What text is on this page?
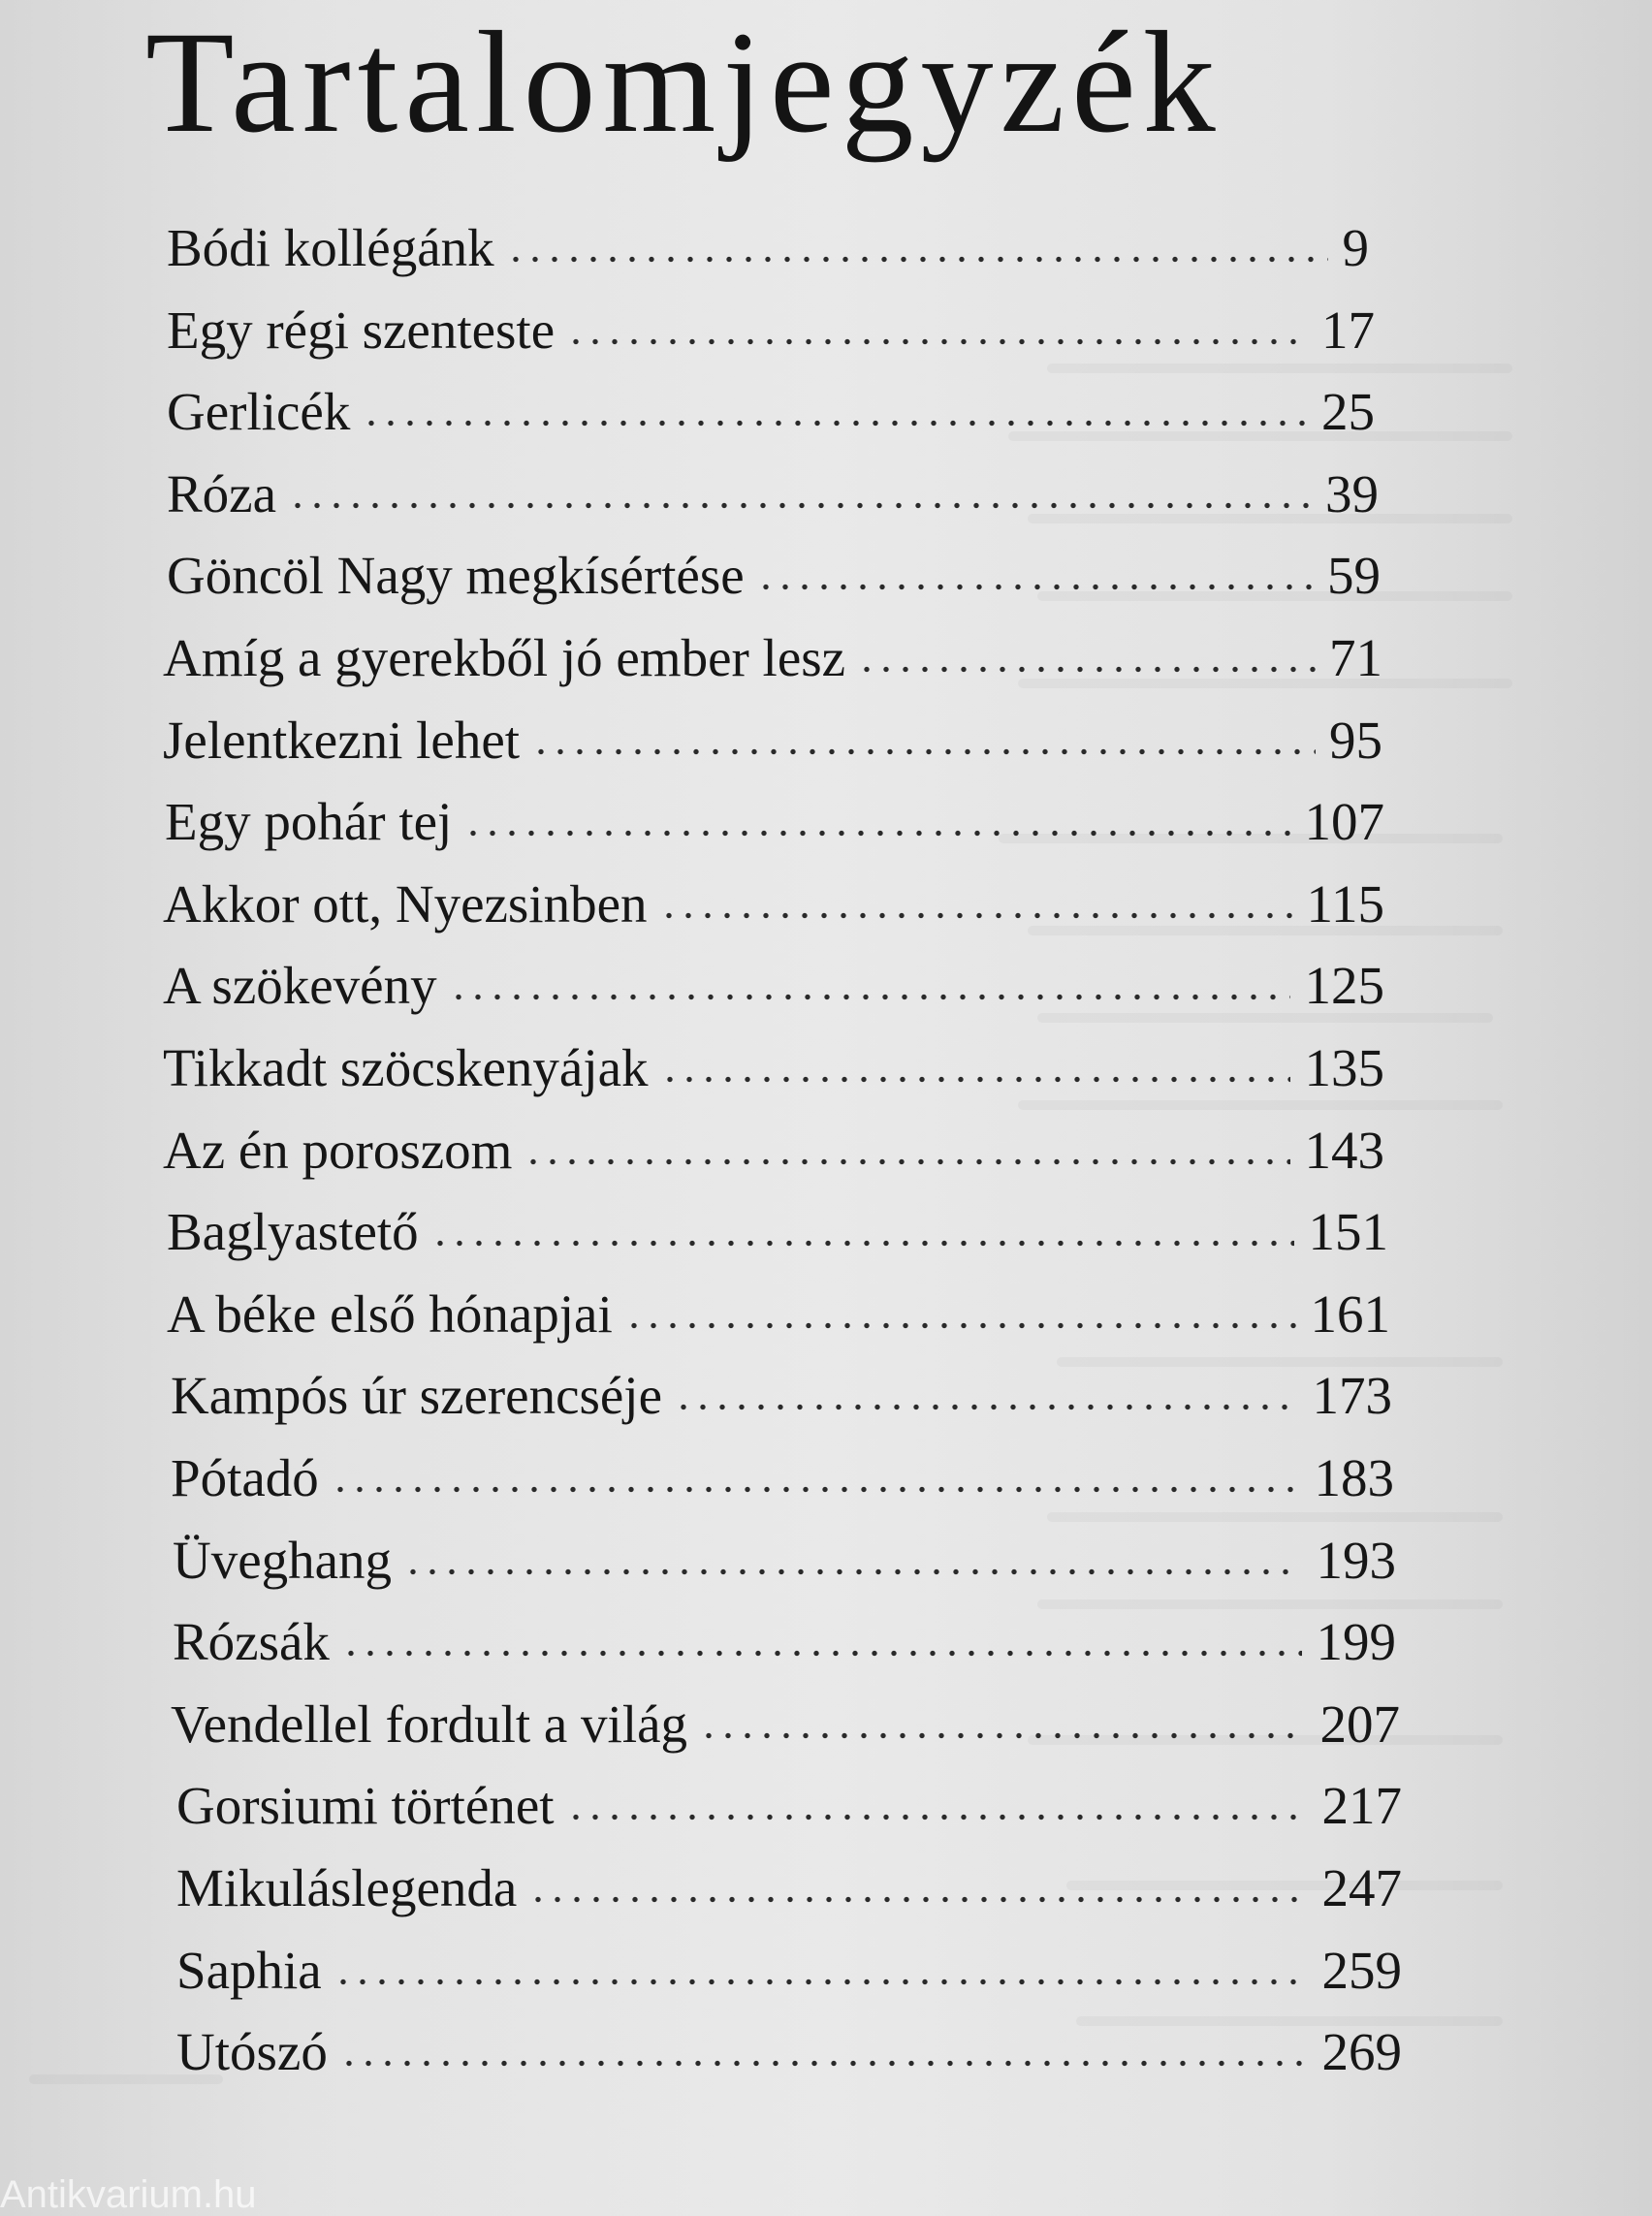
Tartalomjegyzék
Bódi kollégánk	9
Egy régi szenteste	17
Gerlicék	25
Róza	39
Göncöl Nagy megkísértése	59
Amíg a gyerekből jó ember lesz	71
Jelentkezni lehet	95
Egy pohár tej	107
Akkor ott, Nyezsinben	115
A szökevény	125
Tikkadt szöcskenyájak	135
Az én poroszom	143
Baglyastető	151
A béke első hónapjai	161
Kampós úr szerencséje	173
Pótadó	183
Üveghang	193
Rózsák	199
Vendellel fordult a világ	207
Gorsiumi történet	217
Mikuláslegenda	247
Saphia	259
Utószó	269
Antikvarium.hu
